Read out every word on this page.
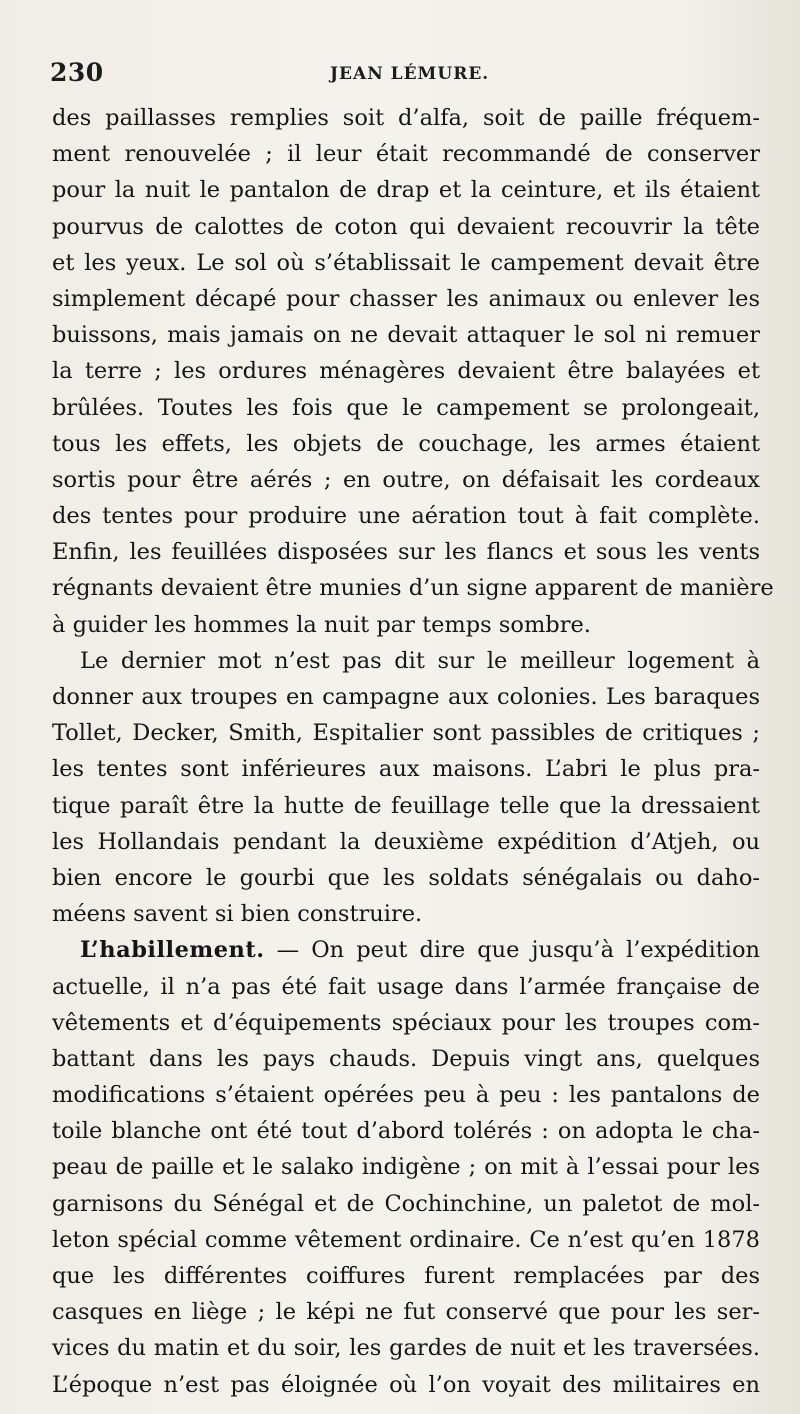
230	JEAN LÉMURE.
des paillasses remplies soit d’alfa, soit de paille fréquem-
ment renouvelée ; il leur était recommandé de conserver
pour la nuit le pantalon de drap et la ceinture, et ils étaient
pourvus de calottes de coton qui devaient recouvrir la tête
et les yeux. Le sol où s’établissait le campement devait être
simplement décapé pour chasser les animaux ou enlever les
buissons, mais jamais on ne devait attaquer le sol ni remuer
la terre ; les ordures ménagères devaient être balayées et
brûlées. Toutes les fois que le campement se prolongeait,
tous les effets, les objets de couchage, les armes étaient
sortis pour être aérés ; en outre, on défaisait les cordeaux
des tentes pour produire une aération tout à fait complète.
Enfin, les feuillées disposées sur les flancs et sous les vents
régnants devaient être munies d’un signe apparent de manière
à guider les hommes la nuit par temps sombre.
Le dernier mot n’est pas dit sur le meilleur logement à
donner aux troupes en campagne aux colonies. Les baraques
Tollet, Decker, Smith, Espitalier sont passibles de critiques ;
les tentes sont inférieures aux maisons. L’abri le plus pra-
tique paraît être la hutte de feuillage telle que la dressaient
les Hollandais pendant la deuxième expédition d’Atjeh, ou
bien encore le gourbi que les soldats sénégalais ou daho-
méens savent si bien construire.
L’habillement. — On peut dire que jusqu’à l’expédition
actuelle, il n’a pas été fait usage dans l’armée française de
vêtements et d’équipements spéciaux pour les troupes com-
battant dans les pays chauds. Depuis vingt ans, quelques
modifications s’étaient opérées peu à peu : les pantalons de
toile blanche ont été tout d’abord tolérés : on adopta le cha-
peau de paille et le salako indigène ; on mit à l’essai pour les
garnisons du Sénégal et de Cochinchine, un paletot de mol-
leton spécial comme vêtement ordinaire. Ce n’est qu’en 1878
que les différentes coiffures furent remplacées par des
casques en liège ; le képi ne fut conservé que pour les ser-
vices du matin et du soir, les gardes de nuit et les traversées.
L’époque n’est pas éloignée où l’on voyait des militaires en
